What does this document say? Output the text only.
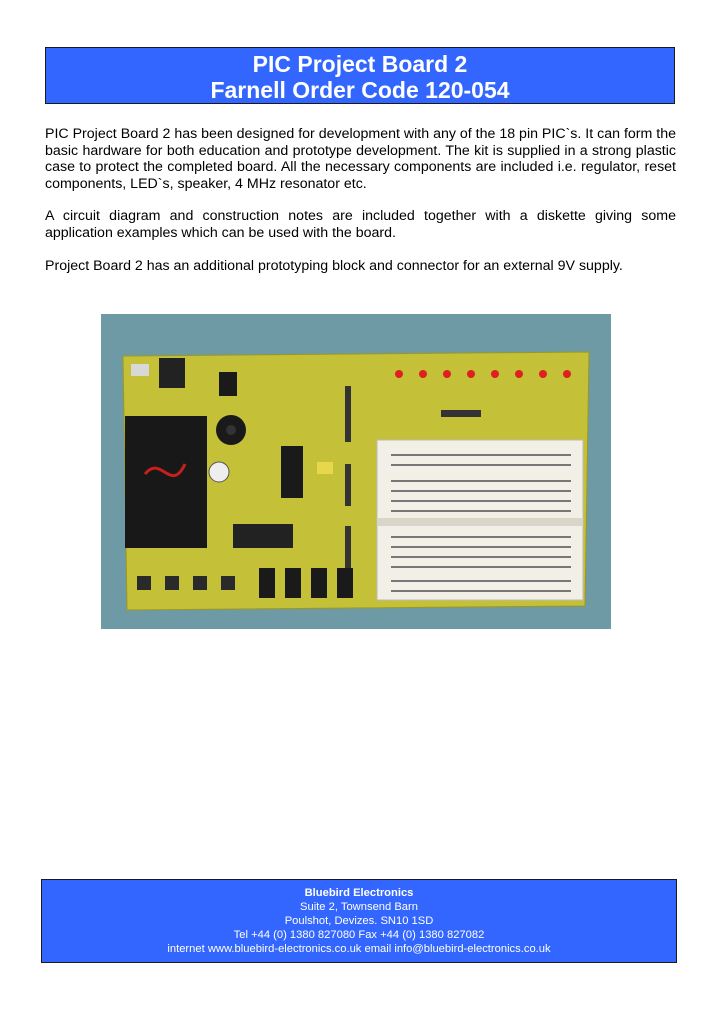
PIC Project Board 2
Farnell Order Code 120-054

PIC Project Board 2 has been designed for development with any of the 18 pin PIC`s. It can form the basic hardware for both education and prototype development. The kit is supplied in a strong plastic case to protect the completed board. All the necessary components are included i.e. regulator, reset components, LED`s, speaker, 4 MHz resonator etc.

A circuit diagram and construction notes are included together with a diskette giving some application examples which can be used with the board.

Project Board 2 has an additional prototyping block and connector for an external 9V supply.

Bluebird Electronics
Suite 2, Townsend Barn
Poulshot, Devizes. SN10 1SD
Tel +44 (0) 1380 827080 Fax +44 (0) 1380 827082
internet www.bluebird-electronics.co.uk email info@bluebird-electronics.co.uk
